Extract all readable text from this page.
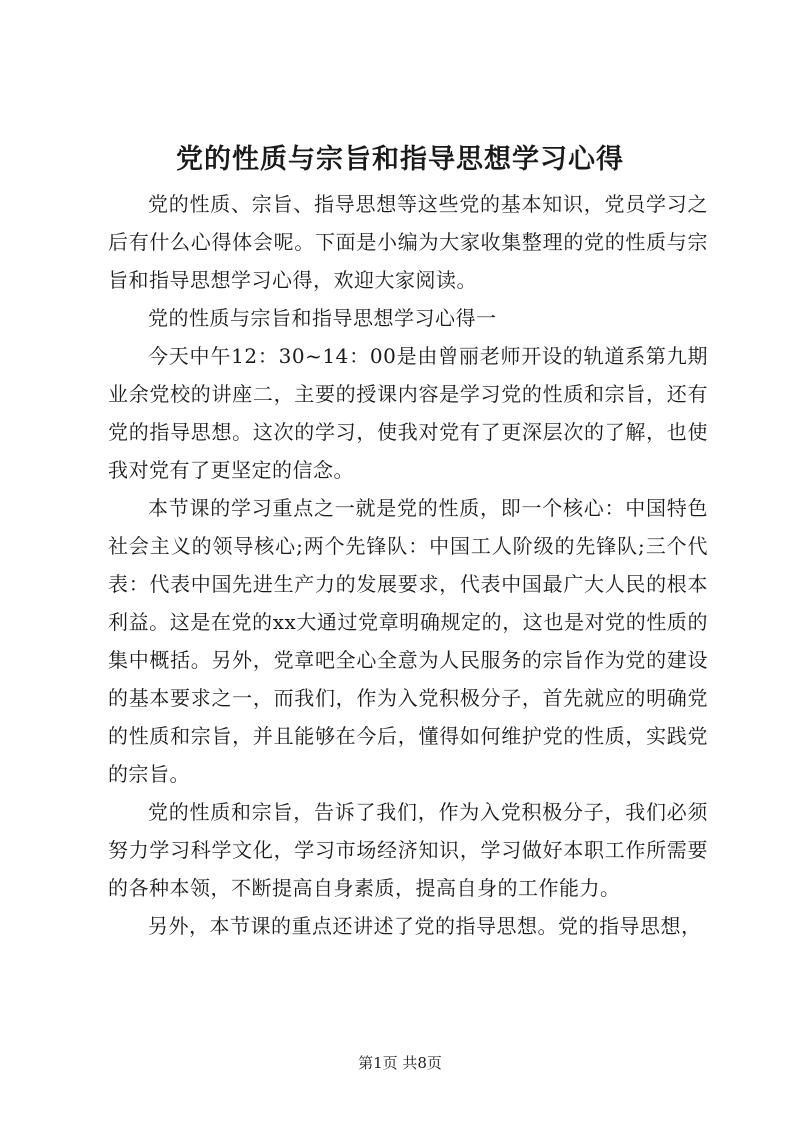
党的性质与宗旨和指导思想学习心得

党的性质、宗旨、指导思想等这些党的基本知识，党员学习之后有什么心得体会呢。下面是小编为大家收集整理的党的性质与宗旨和指导思想学习心得，欢迎大家阅读。

党的性质与宗旨和指导思想学习心得一

今天中午12：30~14：00是由曾丽老师开设的轨道系第九期业余党校的讲座二，主要的授课内容是学习党的性质和宗旨，还有党的指导思想。这次的学习，使我对党有了更深层次的了解，也使我对党有了更坚定的信念。

本节课的学习重点之一就是党的性质，即一个核心：中国特色社会主义的领导核心;两个先锋队：中国工人阶级的先锋队;三个代表：代表中国先进生产力的发展要求，代表中国最广大人民的根本利益。这是在党的xx大通过党章明确规定的，这也是对党的性质的集中概括。另外，党章吧全心全意为人民服务的宗旨作为党的建设的基本要求之一，而我们，作为入党积极分子，首先就应的明确党的性质和宗旨，并且能够在今后，懂得如何维护党的性质，实践党的宗旨。

党的性质和宗旨，告诉了我们，作为入党积极分子，我们必须努力学习科学文化，学习市场经济知识，学习做好本职工作所需要的各种本领，不断提高自身素质，提高自身的工作能力。

另外，本节课的重点还讲述了党的指导思想。党的指导思想，

第1页 共8页
